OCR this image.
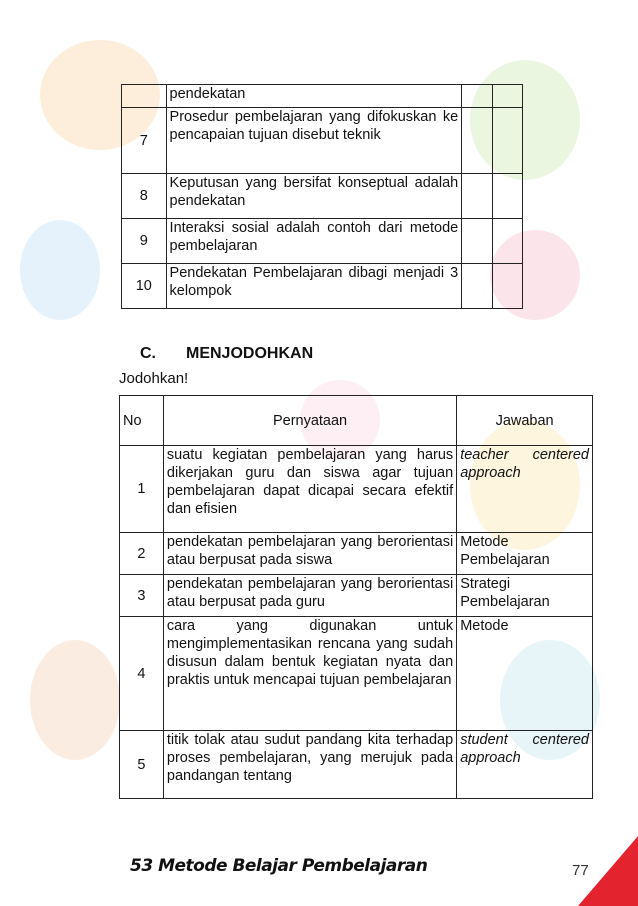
	pendekatan		
7	Prosedur pembelajaran yang difokuskan ke pencapaian tujuan disebut teknik		
8	Keputusan yang bersifat konseptual adalah pendekatan		
9	Interaksi sosial adalah contoh dari metode pembelajaran		
10	Pendekatan Pembelajaran dibagi menjadi 3 kelompok		
C. MENJODOHKAN
Jodohkan!
No	Pernyataan	Jawaban
1	suatu kegiatan pembelajaran yang harus dikerjakan guru dan siswa agar tujuan pembelajaran dapat dicapai secara efektif dan efisien	teacher centered approach
2	pendekatan pembelajaran yang berorientasi atau berpusat pada siswa	Metode Pembelajaran
3	pendekatan pembelajaran yang berorientasi atau berpusat pada guru	Strategi Pembelajaran
4	cara yang digunakan untuk mengimplementasikan rencana yang sudah disusun dalam bentuk kegiatan nyata dan praktis untuk mencapai tujuan pembelajaran	Metode
5	titik tolak atau sudut pandang kita terhadap proses pembelajaran, yang merujuk pada pandangan tentang	student centered approach
53 Metode Belajar Pembelajaran	77
